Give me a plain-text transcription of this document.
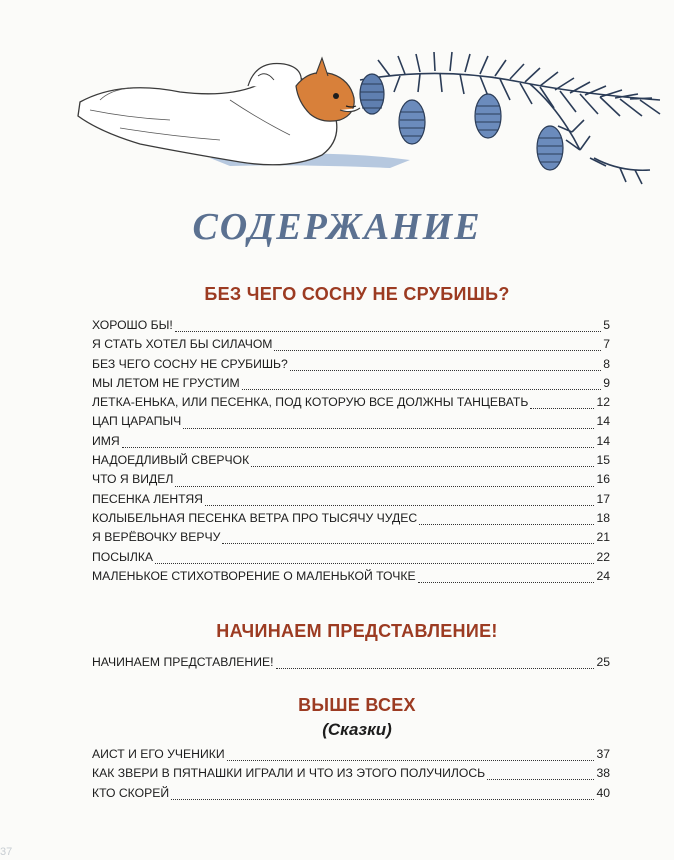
СОДЕРЖАНИЕ
БЕЗ ЧЕГО СОСНУ НЕ СРУБИШЬ?
ХОРОШО БЫ!	5
Я СТАТЬ ХОТЕЛ БЫ СИЛАЧОМ	7
БЕЗ ЧЕГО СОСНУ НЕ СРУБИШЬ?	8
МЫ ЛЕТОМ НЕ ГРУСТИМ	9
ЛЕТКА-ЕНЬКА, ИЛИ ПЕСЕНКА, ПОД КОТОРУЮ ВСЕ ДОЛЖНЫ ТАНЦЕВАТЬ	12
ЦАП ЦАРАПЫЧ	14
ИМЯ	14
НАДОЕДЛИВЫЙ СВЕРЧОК	15
ЧТО Я ВИДЕЛ	16
ПЕСЕНКА ЛЕНТЯЯ	17
КОЛЫБЕЛЬНАЯ ПЕСЕНКА ВЕТРА ПРО ТЫСЯЧУ ЧУДЕС	18
Я ВЕРЁВОЧКУ ВЕРЧУ	21
ПОСЫЛКА	22
МАЛЕНЬКОЕ СТИХОТВОРЕНИЕ О МАЛЕНЬКОЙ ТОЧКЕ	24
НАЧИНАЕМ ПРЕДСТАВЛЕНИЕ!
НАЧИНАЕМ ПРЕДСТАВЛЕНИЕ!	25
ВЫШЕ ВСЕХ
(Сказки)
АИСТ И ЕГО УЧЕНИКИ	37
КАК ЗВЕРИ В ПЯТНАШКИ ИГРАЛИ И ЧТО ИЗ ЭТОГО ПОЛУЧИЛОСЬ	38
КТО СКОРЕЙ	40
37
